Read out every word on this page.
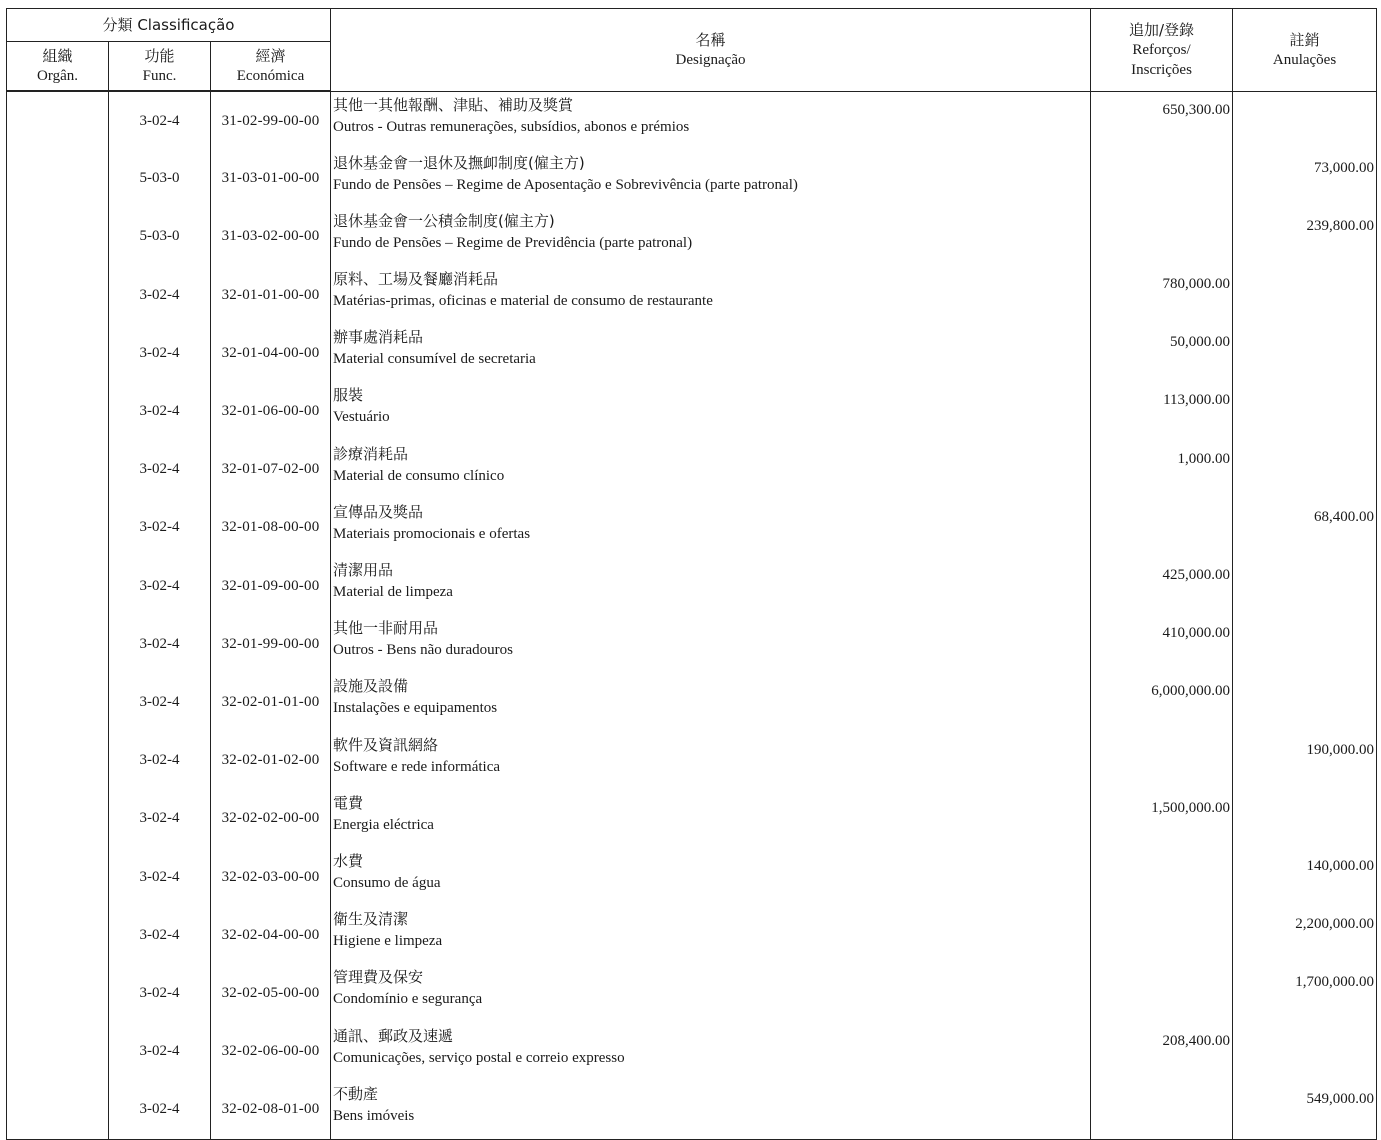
分類 Classificação			名稱
Designação	追加/登錄
Reforços/
Inscrições	註銷
Anulações

組織
Orgân.	功能
Func.	經濟
Económica			

	3-02-4	31-02-99-00-00	其他一其他報酬、津貼、補助及獎賞
Outros - Outras remunerações, subsídios, abonos e prémios	650,300.00	
	5-03-0	31-03-01-00-00	退休基金會一退休及撫卹制度(僱主方)
Fundo de Pensões – Regime de Aposentação e Sobrevivência (parte patronal)		73,000.00
	5-03-0	31-03-02-00-00	退休基金會一公積金制度(僱主方)
Fundo de Pensões – Regime de Previdência (parte patronal)		239,800.00
	3-02-4	32-01-01-00-00	原料、工場及餐廳消耗品
Matérias-primas, oficinas e material de consumo de restaurante	780,000.00	
	3-02-4	32-01-04-00-00	辦事處消耗品
Material consumível de secretaria	50,000.00	
	3-02-4	32-01-06-00-00	服裝
Vestuário	113,000.00	
	3-02-4	32-01-07-02-00	診療消耗品
Material de consumo clínico	1,000.00	
	3-02-4	32-01-08-00-00	宣傳品及獎品
Materiais promocionais e ofertas		68,400.00
	3-02-4	32-01-09-00-00	清潔用品
Material de limpeza	425,000.00	
	3-02-4	32-01-99-00-00	其他一非耐用品
Outros - Bens não duradouros	410,000.00	
	3-02-4	32-02-01-01-00	設施及設備
Instalações e equipamentos	6,000,000.00	
	3-02-4	32-02-01-02-00	軟件及資訊網絡
Software e rede informática		190,000.00
	3-02-4	32-02-02-00-00	電費
Energia eléctrica	1,500,000.00	
	3-02-4	32-02-03-00-00	水費
Consumo de água		140,000.00
	3-02-4	32-02-04-00-00	衛生及清潔
Higiene e limpeza		2,200,000.00
	3-02-4	32-02-05-00-00	管理費及保安
Condomínio e segurança		1,700,000.00
	3-02-4	32-02-06-00-00	通訊、郵政及速遞
Comunicações, serviço postal e correio expresso	208,400.00	
	3-02-4	32-02-08-01-00	不動產
Bens imóveis		549,000.00
